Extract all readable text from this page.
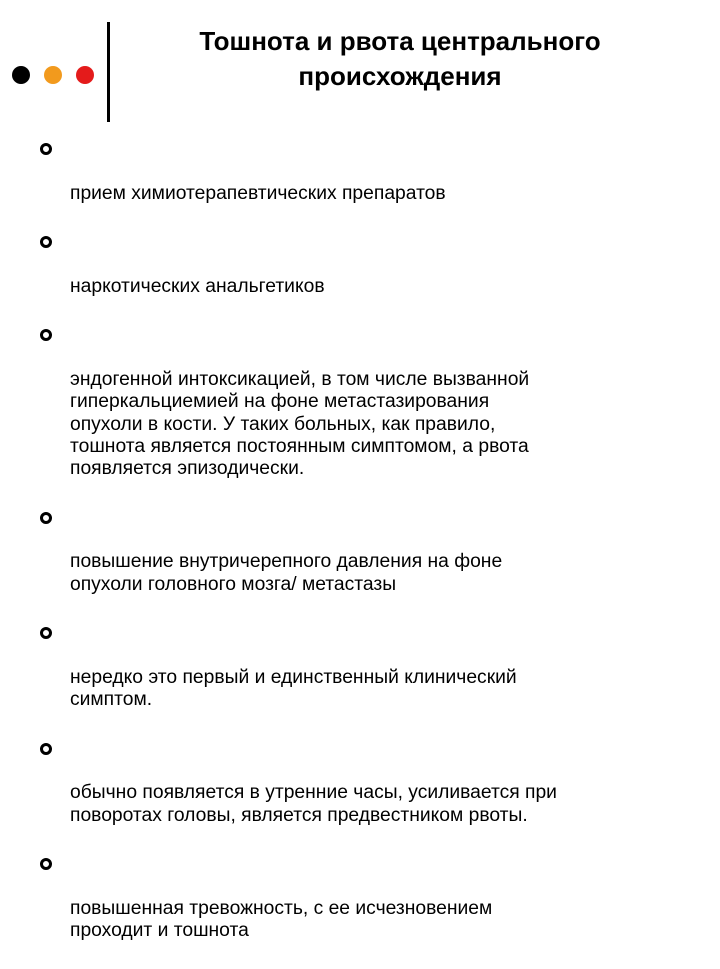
Тошнота и рвота центрального
происхождения

прием химиотерапевтических препаратов

наркотических анальгетиков

эндогенной интоксикацией, в том числе вызванной
гиперкальциемией на фоне метастазирования
опухоли в кости. У таких больных, как правило,
тошнота является постоянным симптомом, а рвота
появляется эпизодически.

повышение внутричерепного давления на фоне
опухоли головного мозга/ метастазы

нередко это первый и единственный клинический
симптом.

обычно появляется в утренние часы, усиливается при
поворотах головы, является предвестником рвоты.

повышенная тревожность, с ее исчезновением
проходит и тошнота
